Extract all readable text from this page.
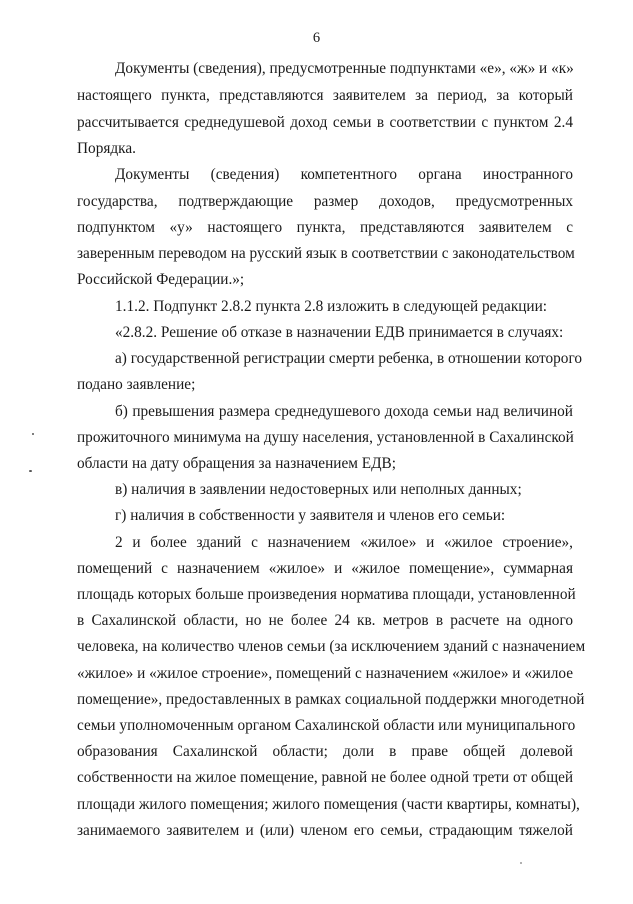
6
Документы (сведения), предусмотренные подпунктами «е», «ж» и «к»
настоящего пункта, представляются заявителем за период, за который
рассчитывается среднедушевой доход семьи в соответствии с пунктом 2.4
Порядка.
Документы (сведения) компетентного органа иностранного
государства, подтверждающие размер доходов, предусмотренных
подпунктом «у» настоящего пункта, представляются заявителем с
заверенным переводом на русский язык в соответствии с законодательством
Российской Федерации.»;
1.1.2. Подпункт 2.8.2 пункта 2.8 изложить в следующей редакции:
«2.8.2. Решение об отказе в назначении ЕДВ принимается в случаях:
а) государственной регистрации смерти ребенка, в отношении которого
подано заявление;
б) превышения размера среднедушевого дохода семьи над величиной
прожиточного минимума на душу населения, установленной в Сахалинской
области на дату обращения за назначением ЕДВ;
в) наличия в заявлении недостоверных или неполных данных;
г) наличия в собственности у заявителя и членов его семьи:
2 и более зданий с назначением «жилое» и «жилое строение»,
помещений с назначением «жилое» и «жилое помещение», суммарная
площадь которых больше произведения норматива площади, установленной
в Сахалинской области, но не более 24 кв. метров в расчете на одного
человека, на количество членов семьи (за исключением зданий с назначением
«жилое» и «жилое строение», помещений с назначением «жилое» и «жилое
помещение», предоставленных в рамках социальной поддержки многодетной
семьи уполномоченным органом Сахалинской области или муниципального
образования Сахалинской области; доли в праве общей долевой
собственности на жилое помещение, равной не более одной трети от общей
площади жилого помещения; жилого помещения (части квартиры, комнаты),
занимаемого заявителем и (или) членом его семьи, страдающим тяжелой
